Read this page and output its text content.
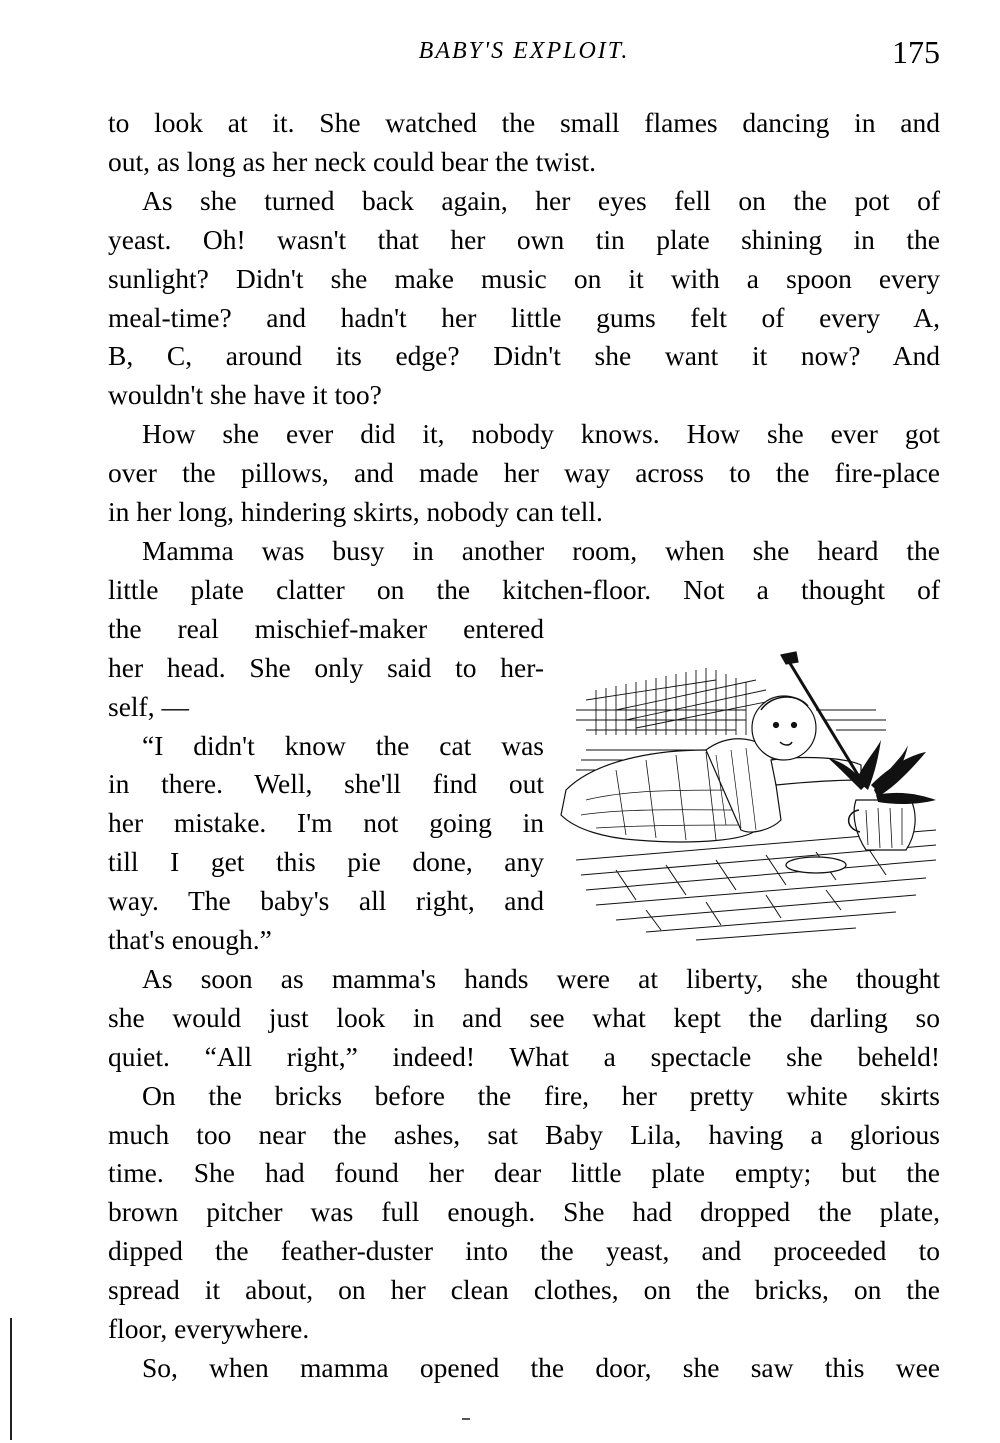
BABY'S EXPLOIT.	175

to look at it. She watched the small flames dancing in and
out, as long as her neck could bear the twist.

As she turned back again, her eyes fell on the pot of
yeast. Oh! wasn't that her own tin plate shining in the
sunlight? Didn't she make music on it with a spoon every
meal-time? and hadn't her little gums felt of every A,
B, C, around its edge? Didn't she want it now? And
wouldn't she have it too?

How she ever did it, nobody knows. How she ever got
over the pillows, and made her way across to the fire-place
in her long, hindering skirts, nobody can tell.

Mamma was busy in another room, when she heard the
little plate clatter on the kitchen-floor. Not a thought of
the real mischief-maker entered
her head. She only said to her-
self, —

“I didn't know the cat was
in there. Well, she'll find out
her mistake. I'm not going in
till I get this pie done, any
way. The baby's all right, and
that's enough.”

As soon as mamma's hands were at liberty, she thought
she would just look in and see what kept the darling so
quiet. “All right,” indeed! What a spectacle she beheld!

On the bricks before the fire, her pretty white skirts
much too near the ashes, sat Baby Lila, having a glorious
time. She had found her dear little plate empty; but the
brown pitcher was full enough. She had dropped the plate,
dipped the feather-duster into the yeast, and proceeded to
spread it about, on her clean clothes, on the bricks, on the
floor, everywhere.

So, when mamma opened the door, she saw this wee
